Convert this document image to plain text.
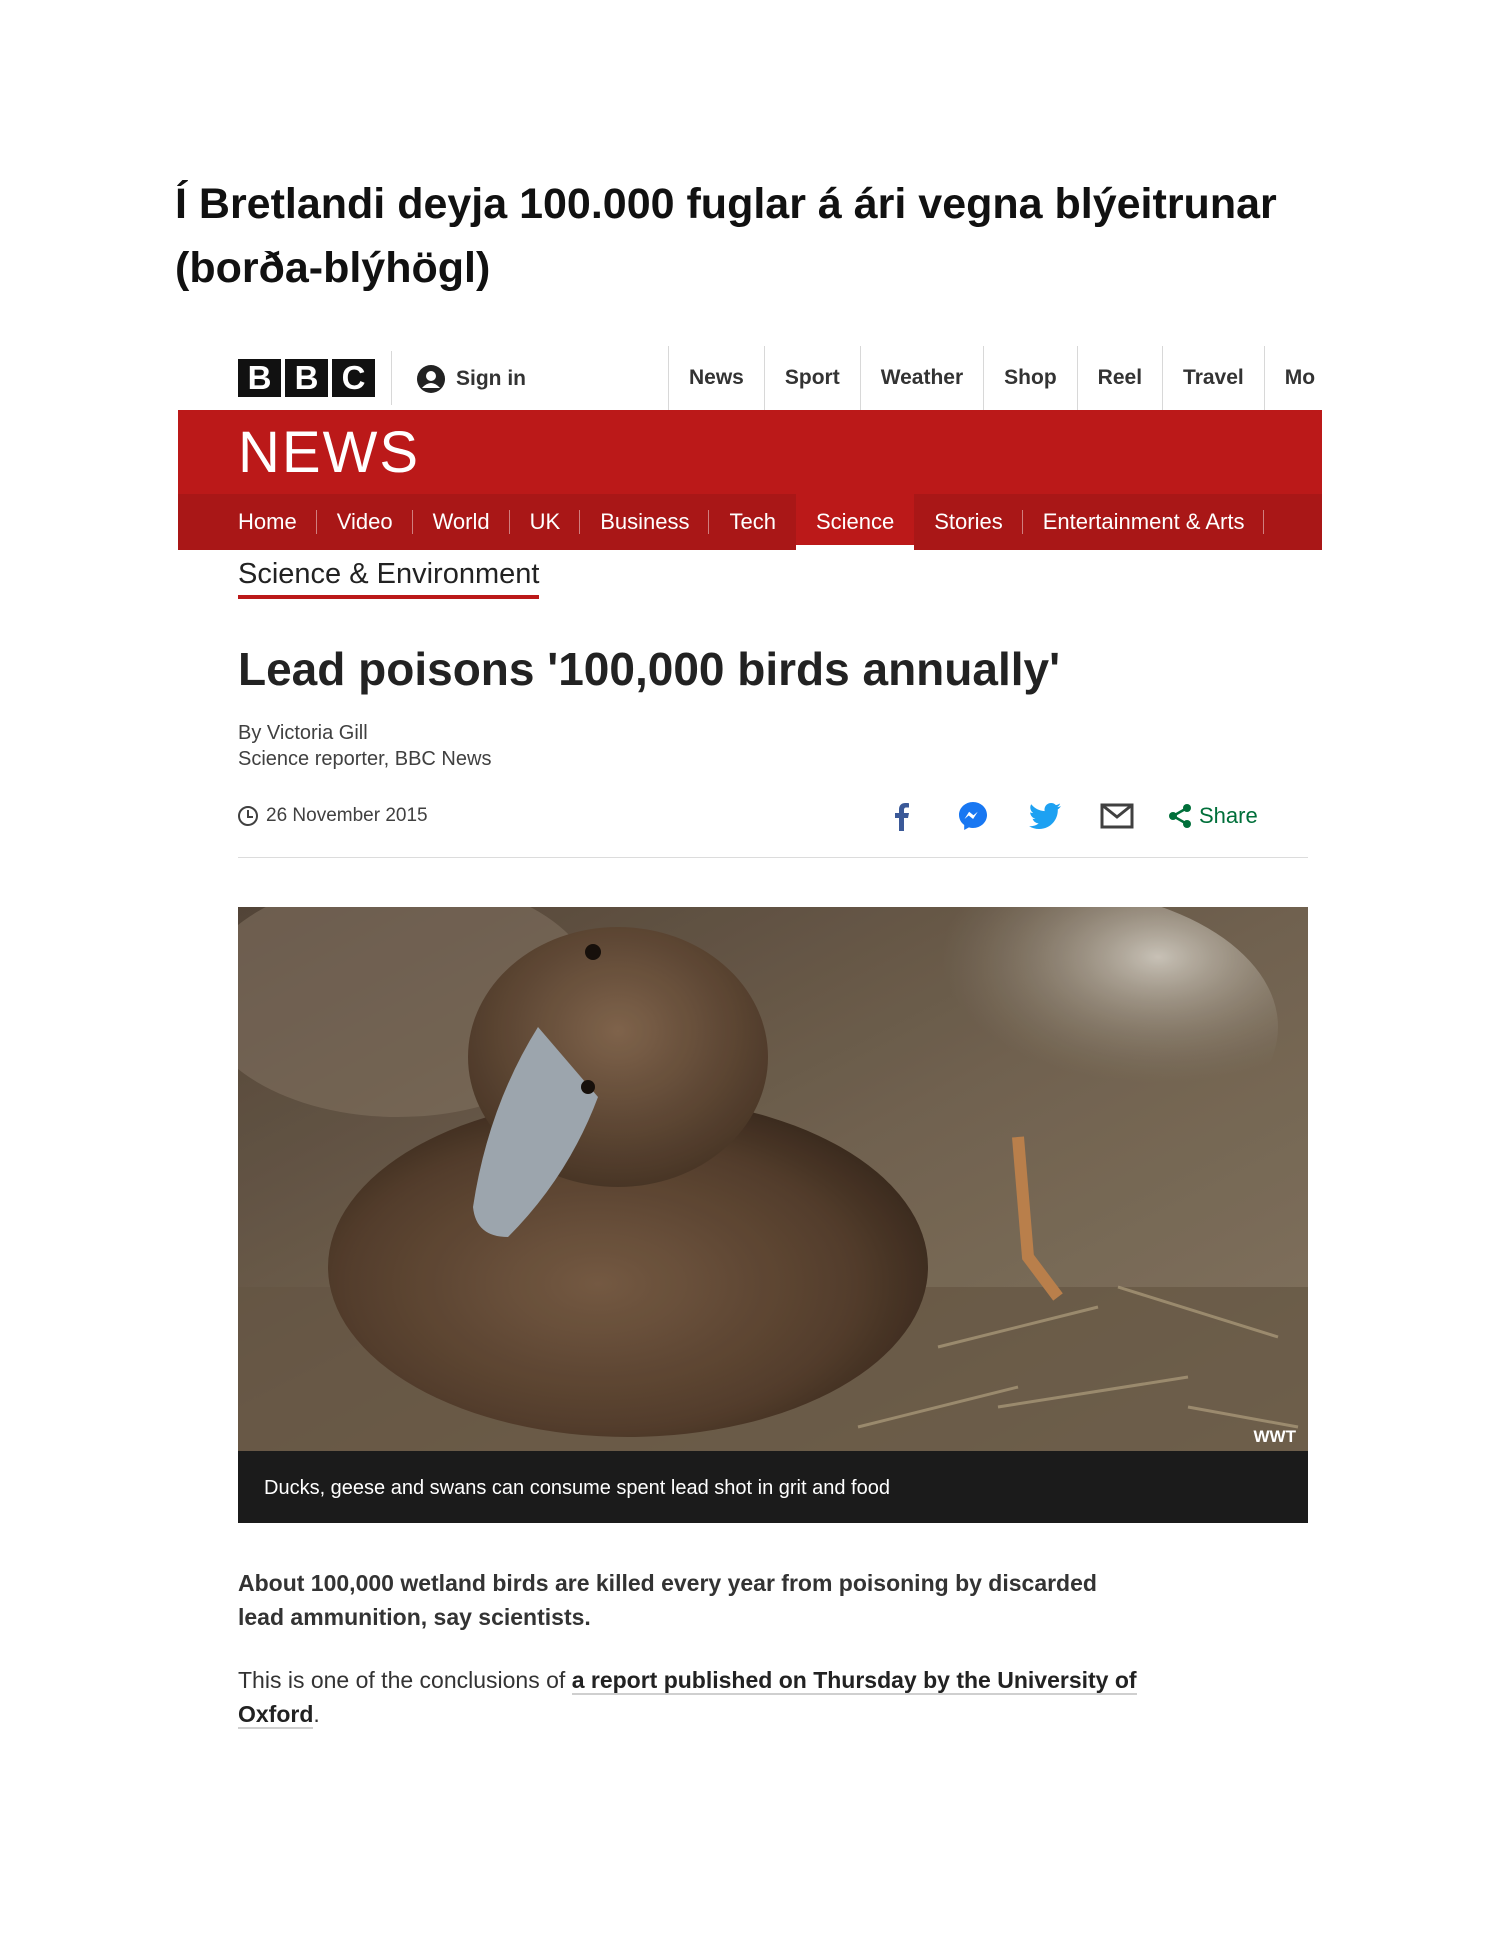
Í Bretlandi deyja 100.000 fuglar á ári vegna blýeitrunar (borða-blýhögl)
B B C	Sign in	News	Sport	Weather	Shop	Reel	Travel	Mo
NEWS
Home Video World UK Business Tech Science Stories Entertainment & Arts
Science & Environment
Lead poisons '100,000 birds annually'
By Victoria Gill
Science reporter, BBC News
26 November 2015	Share
WWT
Ducks, geese and swans can consume spent lead shot in grit and food

About 100,000 wetland birds are killed every year from poisoning by discarded lead ammunition, say scientists.

This is one of the conclusions of a report published on Thursday by the University of Oxford.
